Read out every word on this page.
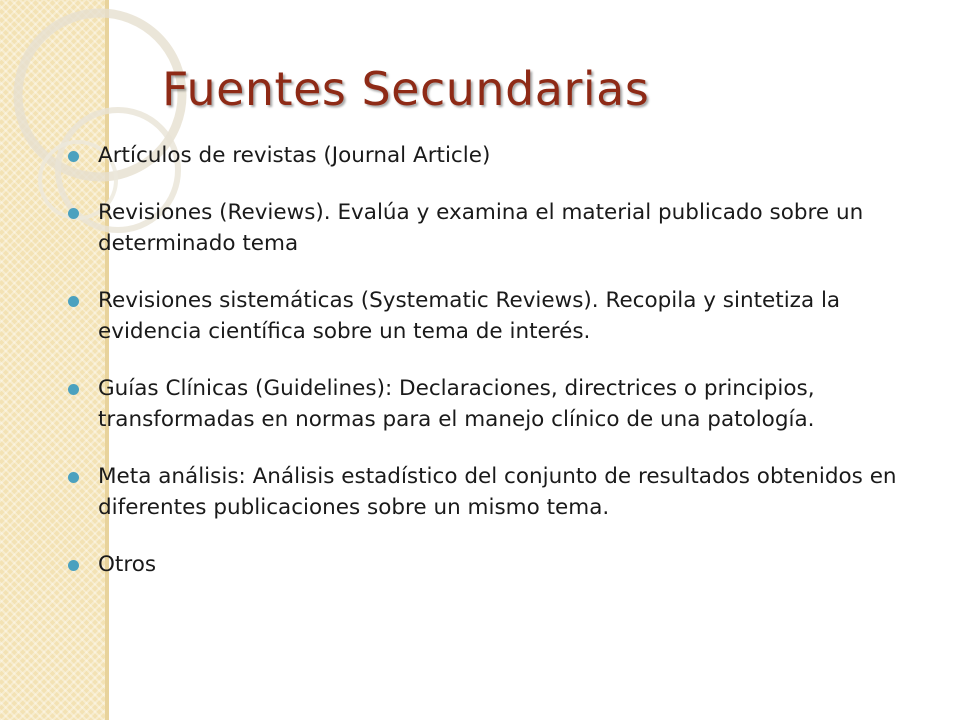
Fuentes Secundarias
Artículos de revistas (Journal Article)
Revisiones (Reviews). Evalúa y examina el material publicado sobre un determinado tema
Revisiones sistemáticas (Systematic Reviews). Recopila y sintetiza la evidencia científica sobre un tema de interés.
Guías Clínicas (Guidelines): Declaraciones, directrices o principios, transformadas en normas para el manejo clínico de una patología.
Meta análisis: Análisis estadístico del conjunto de resultados obtenidos en diferentes publicaciones sobre un mismo tema.
Otros
